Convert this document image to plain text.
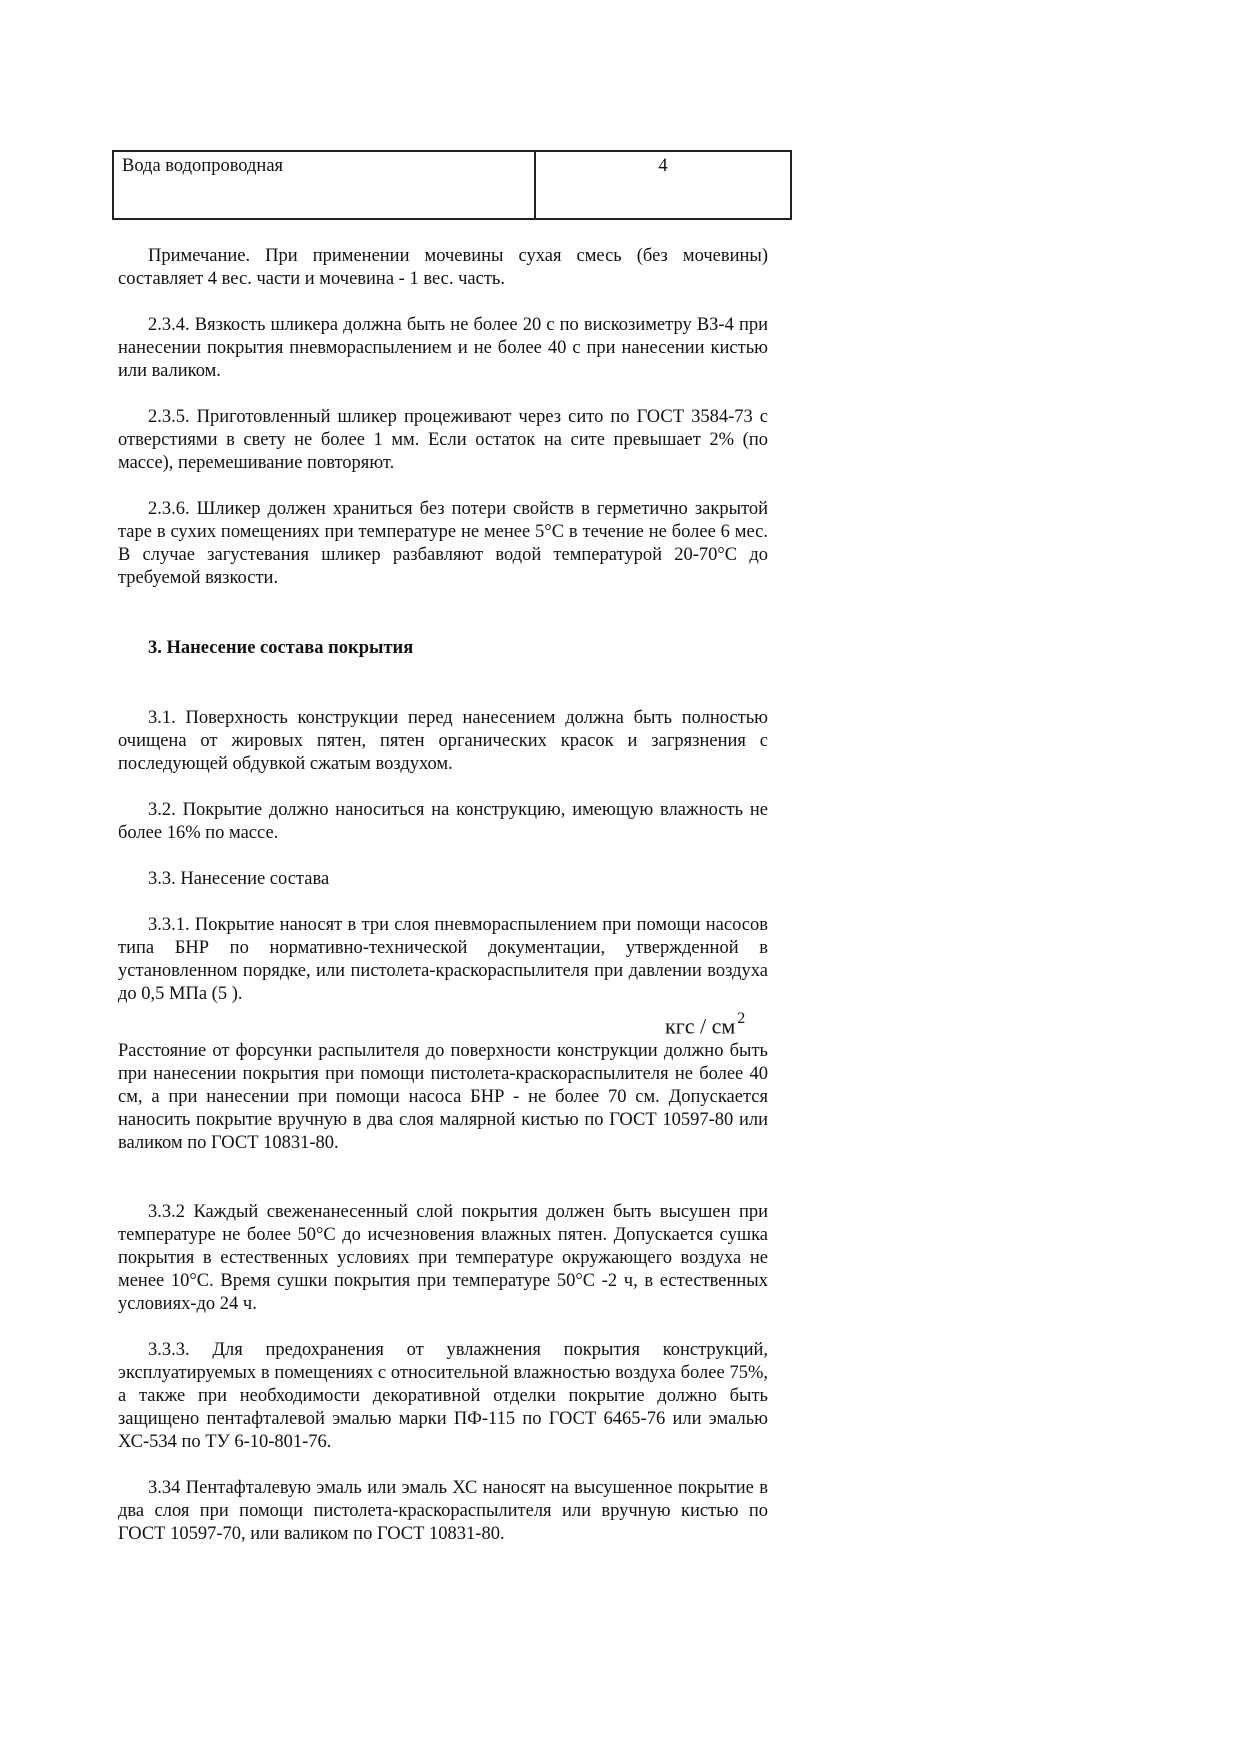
Вода водопроводная	4

Примечание. При применении мочевины сухая смесь (без мочевины) составляет 4 вес. части и мочевина - 1 вес. часть.

2.3.4. Вязкость шликера должна быть не более 20 с по вискозиметру ВЗ-4 при нанесении покрытия пневмораспылением и не более 40 с при нанесении кистью или валиком.

2.3.5. Приготовленный шликер процеживают через сито по ГОСТ 3584-73 с отверстиями в свету не более 1 мм. Если остаток на сите превышает 2% (по массе), перемешивание повторяют.

2.3.6. Шликер должен храниться без потери свойств в герметично закрытой таре в сухих помещениях при температуре не менее 5°С в течение не более 6 мес. В случае загустевания шликер разбавляют водой температурой 20-70°С до требуемой вязкости.

3. Нанесение состава покрытия

3.1. Поверхность конструкции перед нанесением должна быть полностью очищена от жировых пятен, пятен органических красок и загрязнения с последующей обдувкой сжатым воздухом.

3.2. Покрытие должно наноситься на конструкцию, имеющую влажность не более 16% по массе.

3.3. Нанесение состава

3.3.1. Покрытие наносят в три слоя пневмораспылением при помощи насосов типа БНР по нормативно-технической документации, утвержденной в установленном порядке, или пистолета-краскораспылителя при давлении воздуха до 0,5 МПа (5 ).

кгс / см $^2$

Расстояние от форсунки распылителя до поверхности конструкции должно быть при нанесении покрытия при помощи пистолета-краскораспылителя не более 40 см, а при нанесении при помощи насоса БНР - не более 70 см. Допускается наносить покрытие вручную в два слоя малярной кистью по ГОСТ 10597-80 или валиком по ГОСТ 10831-80.

3.3.2 Каждый свеженанесенный слой покрытия должен быть высушен при температуре не более 50°С до исчезновения влажных пятен. Допускается сушка покрытия в естественных условиях при температуре окружающего воздуха не менее 10°С. Время сушки покрытия при температуре 50°С -2 ч, в естественных условиях-до 24 ч.

3.3.3. Для предохранения от увлажнения покрытия конструкций, эксплуатируемых в помещениях с относительной влажностью воздуха более 75%, а также при необходимости декоративной отделки покрытие должно быть защищено пентафталевой эмалью марки ПФ-115 по ГОСТ 6465-76 или эмалью ХС-534 по ТУ 6-10-801-76.

3.34 Пентафталевую эмаль или эмаль ХС наносят на высушенное покрытие в два слоя при помощи пистолета-краскораспылителя или вручную кистью по ГОСТ 10597-70, или валиком по ГОСТ 10831-80.
